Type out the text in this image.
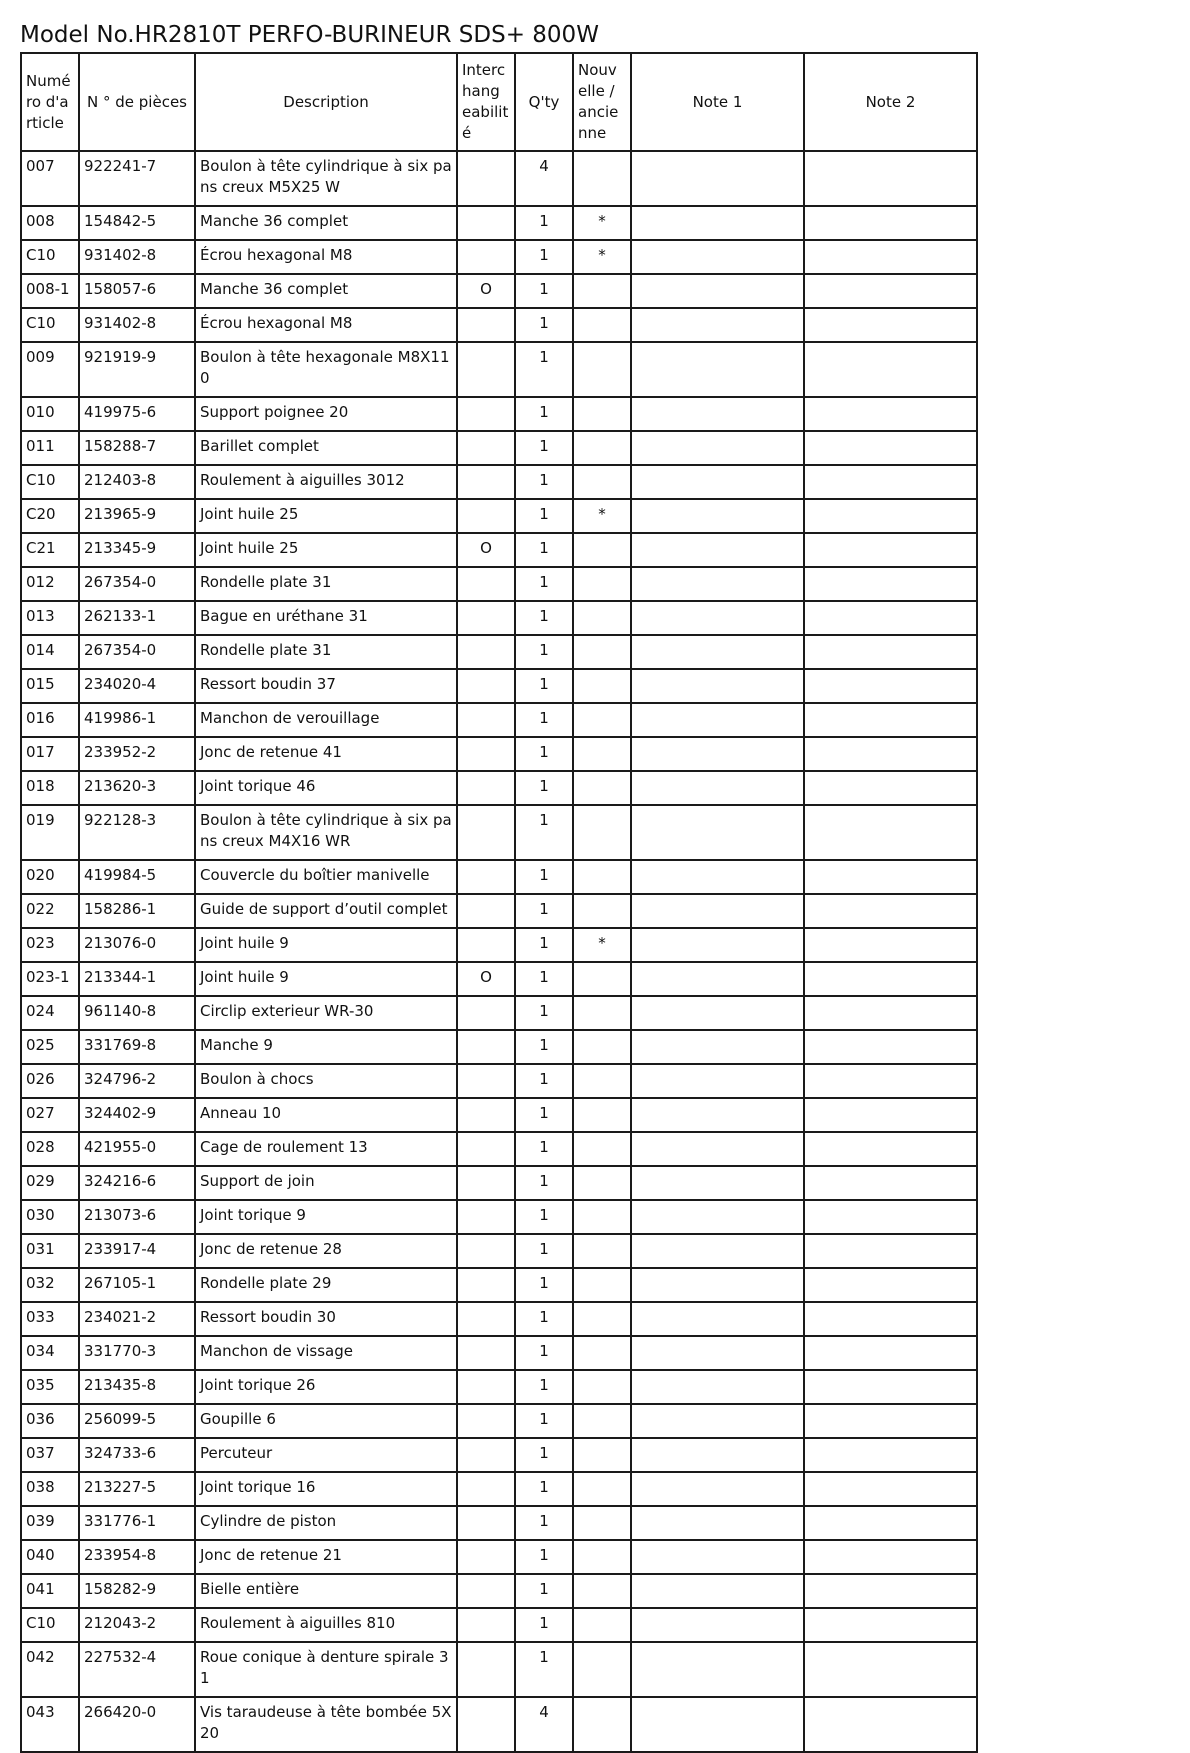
Model No.HR2810T PERFO-BURINEUR SDS+ 800W
Numé ro d'a rticle	N ° de pièces	Description	Interc hang eabilit é	Q'ty	Nouv elle / ancie nne	Note 1	Note 2
007	922241-7	Boulon à tête cylindrique à six pans creux M5X25 W		4			
008	154842-5	Manche 36 complet		1	*		
C10	931402-8	Écrou hexagonal M8		1	*		
008-1	158057-6	Manche 36 complet	O	1			
C10	931402-8	Écrou hexagonal M8		1			
009	921919-9	Boulon à tête hexagonale M8X110		1			
010	419975-6	Support poignee 20		1			
011	158288-7	Barillet complet		1			
C10	212403-8	Roulement à aiguilles 3012		1			
C20	213965-9	Joint huile 25		1	*		
C21	213345-9	Joint huile 25	O	1			
012	267354-0	Rondelle plate 31		1			
013	262133-1	Bague en uréthane 31		1			
014	267354-0	Rondelle plate 31		1			
015	234020-4	Ressort boudin 37		1			
016	419986-1	Manchon de verouillage		1			
017	233952-2	Jonc de retenue 41		1			
018	213620-3	Joint torique 46		1			
019	922128-3	Boulon à tête cylindrique à six pans creux M4X16 WR		1			
020	419984-5	Couvercle du boîtier manivelle		1			
022	158286-1	Guide de support d’outil complet		1			
023	213076-0	Joint huile 9		1	*		
023-1	213344-1	Joint huile 9	O	1			
024	961140-8	Circlip exterieur WR-30		1			
025	331769-8	Manche 9		1			
026	324796-2	Boulon à chocs		1			
027	324402-9	Anneau 10		1			
028	421955-0	Cage de roulement 13		1			
029	324216-6	Support de join		1			
030	213073-6	Joint torique 9		1			
031	233917-4	Jonc de retenue 28		1			
032	267105-1	Rondelle plate 29		1			
033	234021-2	Ressort boudin 30		1			
034	331770-3	Manchon de vissage		1			
035	213435-8	Joint torique 26		1			
036	256099-5	Goupille 6		1			
037	324733-6	Percuteur		1			
038	213227-5	Joint torique 16		1			
039	331776-1	Cylindre de piston		1			
040	233954-8	Jonc de retenue 21		1			
041	158282-9	Bielle entière		1			
C10	212043-2	Roulement à aiguilles 810		1			
042	227532-4	Roue conique à denture spirale 31		1			
043	266420-0	Vis taraudeuse à tête bombée 5X20		4			
